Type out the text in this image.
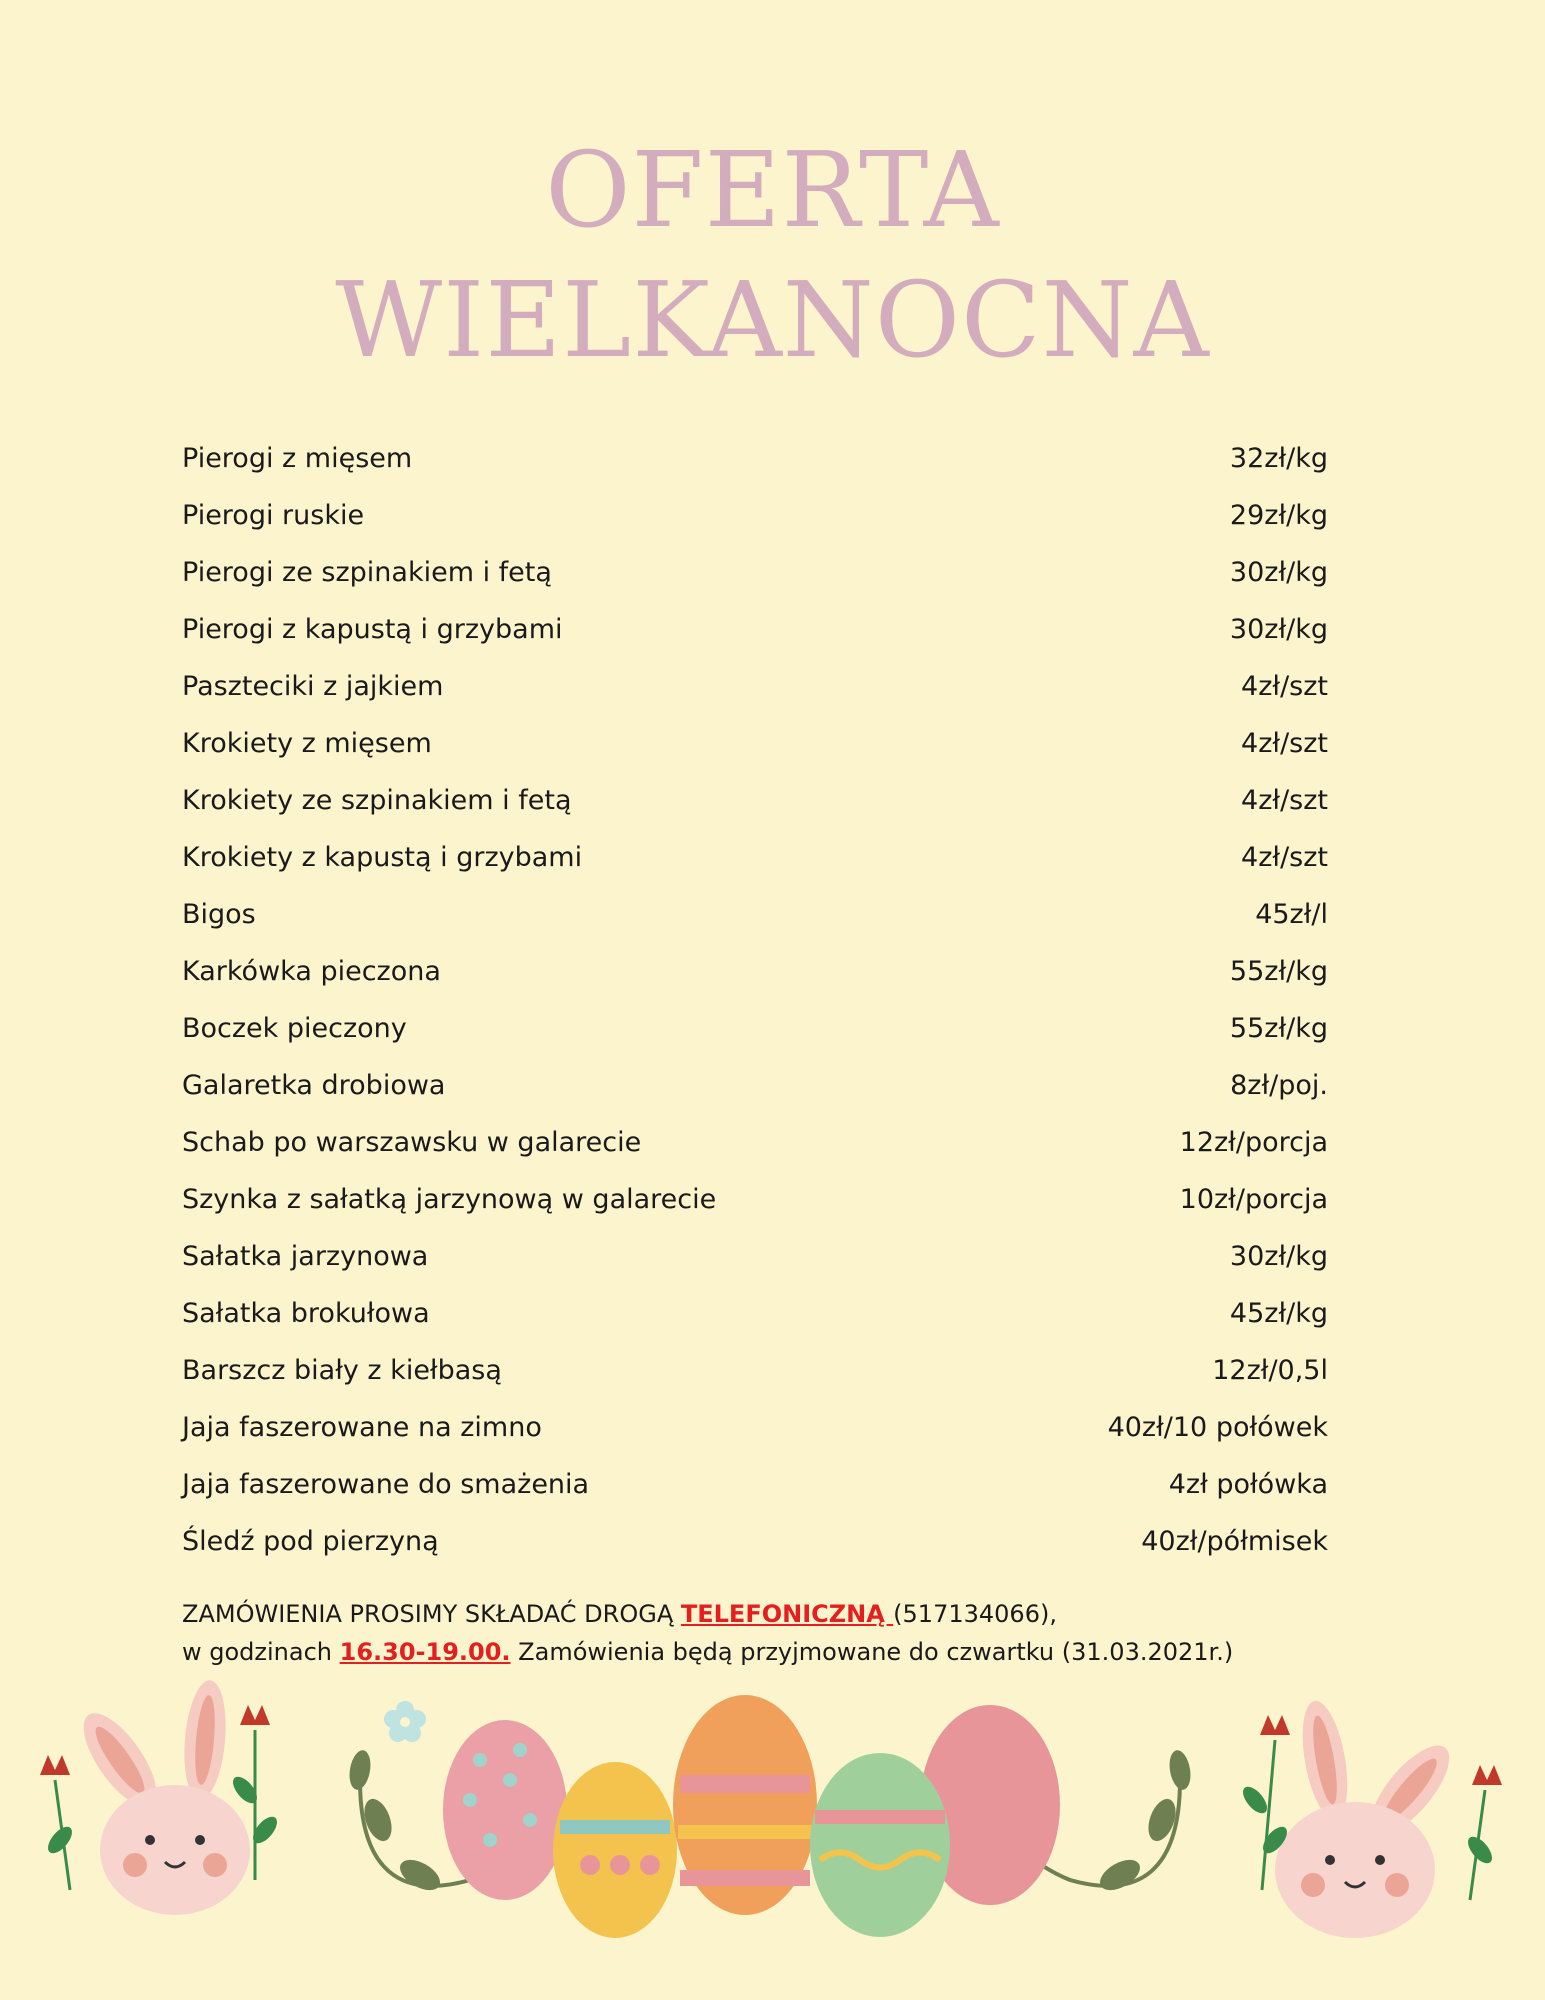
OFERTA
WIELKANOCNA
Pierogi z mięsem	32zł/kg
Pierogi ruskie	29zł/kg
Pierogi ze szpinakiem i fetą	30zł/kg
Pierogi z kapustą i grzybami	30zł/kg
Paszteciki z jajkiem	4zł/szt
Krokiety z mięsem	4zł/szt
Krokiety ze szpinakiem i fetą	4zł/szt
Krokiety z kapustą i grzybami	4zł/szt
Bigos	45zł/l
Karkówka pieczona	55zł/kg
Boczek pieczony	55zł/kg
Galaretka drobiowa	8zł/poj.
Schab po warszawsku w galarecie	12zł/porcja
Szynka z sałatką jarzynową w galarecie	10zł/porcja
Sałatka jarzynowa	30zł/kg
Sałatka brokułowa	45zł/kg
Barszcz biały z kiełbasą	12zł/0,5l
Jaja faszerowane na zimno	40zł/10 połówek
Jaja faszerowane do smażenia	4zł połówka
Śledź pod pierzyną	40zł/półmisek
ZAMÓWIENIA PROSIMY SKŁADAĆ DROGĄ TELEFONICZNĄ (517134066),
w godzinach 16.30-19.00. Zamówienia będą przyjmowane do czwartku (31.03.2021r.)
